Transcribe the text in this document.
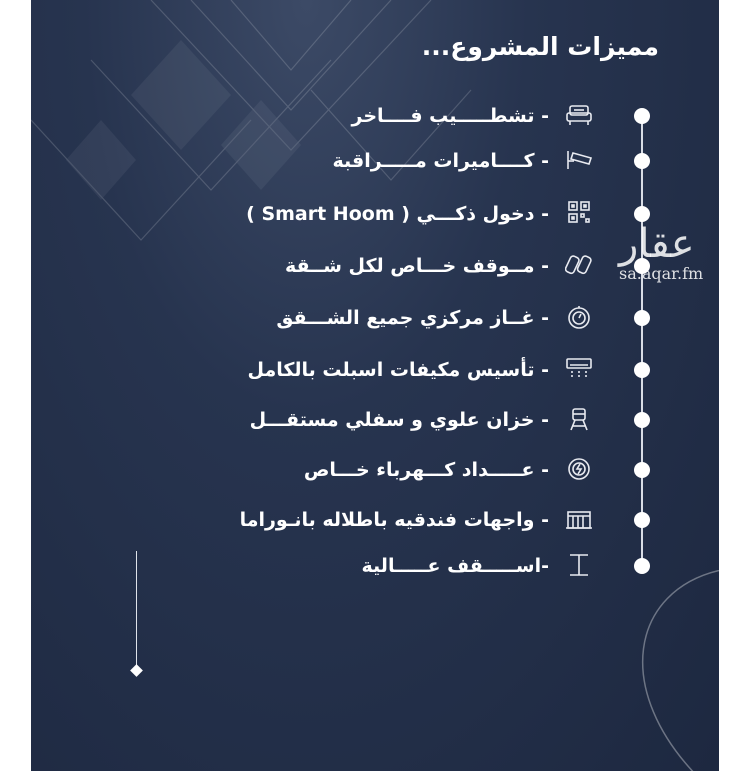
مميزات المشروع...
- تشطـــــيب فــــاخر
- كــــاميرات مـــــراقبة
- دخول ذكـــي ( Smart Hoom )
- مــوقف خـــاص لكل شــقة
- غــاز مركزي جميع الشـــقق
- تأسيس مكيفات اسبلت بالكامل
- خزان علوي و سفلي مستقـــل
- عـــــداد كـــهرباء خـــاص
- واجهات فندقيه باطلاله بانـوراما
-اســـــقف عـــــالية
عقار
sa.aqar.fm
